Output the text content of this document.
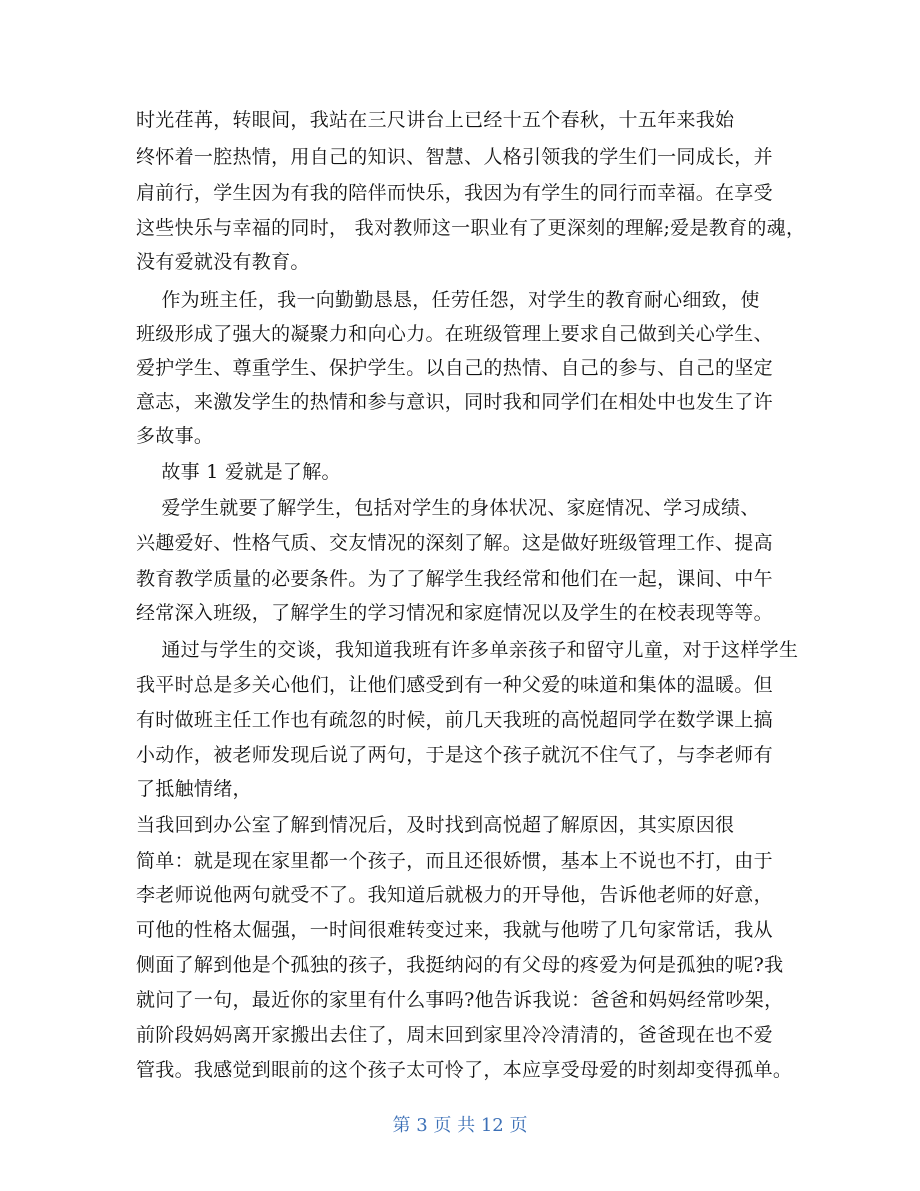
时光荏苒，转眼间，我站在三尺讲台上已经十五个春秋，十五年来我始
终怀着一腔热情，用自己的知识、智慧、人格引领我的学生们一同成长，并
肩前行，学生因为有我的陪伴而快乐，我因为有学生的同行而幸福。在享受
这些快乐与幸福的同时， 我对教师这一职业有了更深刻的理解;爱是教育的魂，
没有爱就没有教育。
作为班主任，我一向勤勤恳恳，任劳任怨，对学生的教育耐心细致，使
班级形成了强大的凝聚力和向心力。在班级管理上要求自己做到关心学生、
爱护学生、尊重学生、保护学生。以自己的热情、自己的参与、自己的坚定
意志，来激发学生的热情和参与意识，同时我和同学们在相处中也发生了许
多故事。
故事 1 爱就是了解。
爱学生就要了解学生，包括对学生的身体状况、家庭情况、学习成绩、
兴趣爱好、性格气质、交友情况的深刻了解。这是做好班级管理工作、提高
教育教学质量的必要条件。为了了解学生我经常和他们在一起，课间、中午
经常深入班级，了解学生的学习情况和家庭情况以及学生的在校表现等等。
通过与学生的交谈，我知道我班有许多单亲孩子和留守儿童，对于这样学生
我平时总是多关心他们，让他们感受到有一种父爱的味道和集体的温暖。但
有时做班主任工作也有疏忽的时候，前几天我班的高悦超同学在数学课上搞
小动作，被老师发现后说了两句，于是这个孩子就沉不住气了，与李老师有
了抵触情绪，
当我回到办公室了解到情况后，及时找到高悦超了解原因，其实原因很
简单：就是现在家里都一个孩子，而且还很娇惯，基本上不说也不打，由于
李老师说他两句就受不了。我知道后就极力的开导他，告诉他老师的好意，
可他的性格太倔强，一时间很难转变过来，我就与他唠了几句家常话，我从
侧面了解到他是个孤独的孩子，我挺纳闷的有父母的疼爱为何是孤独的呢?我
就问了一句，最近你的家里有什么事吗?他告诉我说：爸爸和妈妈经常吵架，
前阶段妈妈离开家搬出去住了，周末回到家里冷冷清清的，爸爸现在也不爱
管我。我感觉到眼前的这个孩子太可怜了，本应享受母爱的时刻却变得孤单。
第 3 页 共 12 页
